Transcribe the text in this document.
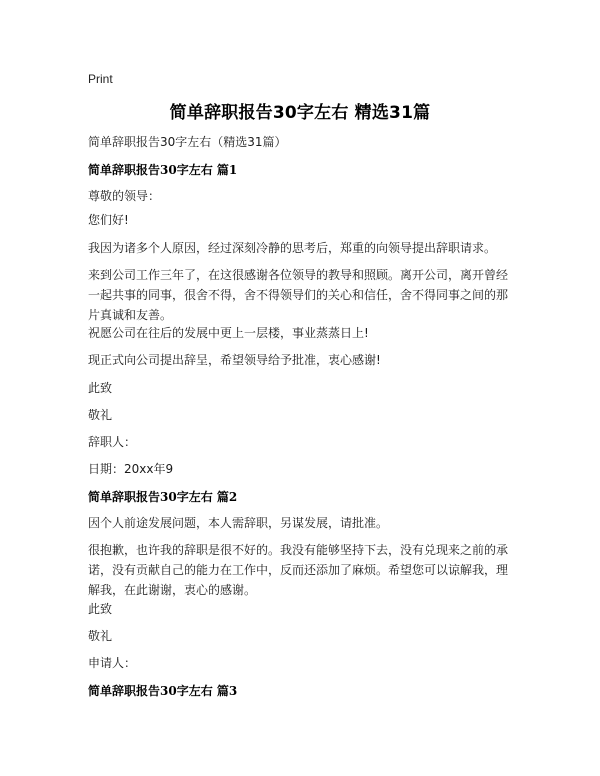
Print
简单辞职报告30字左右 精选31篇

简单辞职报告30字左右（精选31篇）

简单辞职报告30字左右 篇1

尊敬的领导：

您们好!

我因为诸多个人原因，经过深刻冷静的思考后，郑重的向领导提出辞职请求。

来到公司工作三年了，在这很感谢各位领导的教导和照顾。离开公司，离开曾经一起共事的同事，很舍不得，舍不得领导们的关心和信任，舍不得同事之间的那片真诚和友善。

祝愿公司在往后的发展中更上一层楼，事业蒸蒸日上!

现正式向公司提出辞呈，希望领导给予批准，衷心感谢!

此致

敬礼

辞职人：

日期：20xx年9

简单辞职报告30字左右 篇2

因个人前途发展问题，本人需辞职，另谋发展，请批准。

很抱歉，也许我的辞职是很不好的。我没有能够坚持下去，没有兑现来之前的承诺，没有贡献自己的能力在工作中，反而还添加了麻烦。希望您可以谅解我，理解我，在此谢谢，衷心的感谢。

此致

敬礼

申请人：

简单辞职报告30字左右 篇3
